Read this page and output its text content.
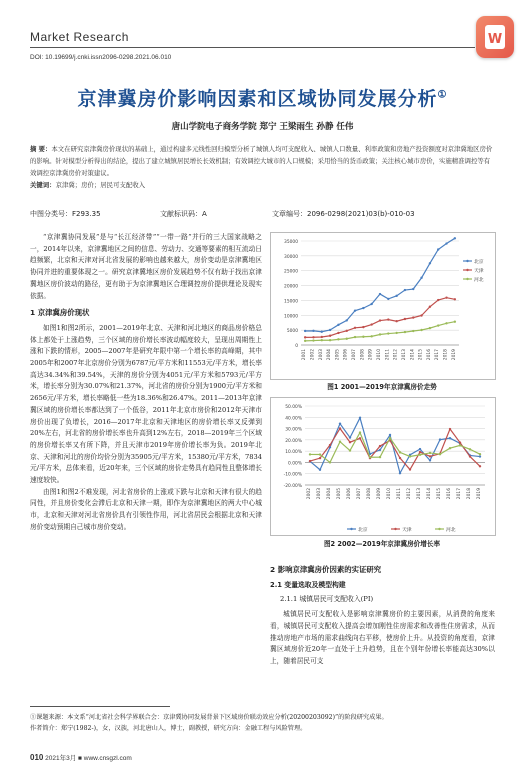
Market Research
DOI: 10.19699/j.cnki.issn2096-0298.2021.06.010
W
京津冀房价影响因素和区域协同发展分析①
唐山学院电子商务学院 郑宁 王梁雨生 孙静 任伟
摘 要：本文在研究京津冀房价现状的基础上，通过构建多元线性回归模型分析了城镇人均可支配收入、城镇人口数量、利率政策和房地产投资额度对京津冀地区房价的影响。针对模型分析得出的结论，提出了建立城镇居民增长长效机制；有效调控大城市的人口规模；采用恰当的货币政策；关注核心城市房价，实施精准调控等有效调控京津冀房价对策建议。
关键词：京津冀；房价；居民可支配收入
中图分类号：F293.35	文献标识码：A	文章编号：2096-0298(2021)03(b)-010-03

“京津冀协同发展”是与“长江经济带”“一带一路”并行的三大国家战略之一，2014年以来，京津冀地区之间的信息、劳动力、交通等要素的相互流动日趋频繁，北京和天津对河北省发展的影响也越来越大，房价变动是京津冀地区协同并进的重要体现之一。研究京津冀地区房价发展趋势不仅有助于找出京津冀地区房价波动的路径，更有助于为京津冀地区合理调控房价提供理论及现实依据。

1 京津冀房价现状

如图1和图2所示，2001—2019年北京、天津和河北地区的商品房价格总体上都处于上涨趋势，三个区域的房价增长率波动幅度较大，呈现出周期性上涨和下跌的情形，2005—2007年是研究年限中第一个增长率的高峰期，其中2005年和2007年北京房价分别为6787元/平方米和11553元/平方米，增长率高达34.34%和39.54%，天津的房价分别为4051元/平方米和5793元/平方米，增长率分别为30.07%和21.37%，河北省的房价分别为1900元/平方米和2656元/平方米，增长率略低一些为18.36%和26.47%。2011—2013年京津冀区域的房价增长率都达到了一个低谷，2011年北京市房价和2012年天津市房价出现了负增长，2016—2017年北京和天津地区的房价增长率又反弹到20%左右，河北省的房价增长率也升高到12%左右，2018—2019年三个区域的房价增长率又有所下降，并且天津市2019年房价增长率为负。2019年北京、天津和河北的房价均价分别为35905元/平方米，15380元/平方米，7834元/平方米，总体来看，近20年来，三个区域的房价走势具有趋同性且整体增长速度较快。

由图1和图2不难发现，河北省房价的上涨或下跌与北京和天津有很大的趋同性，并且房价变化会滞后北京和天津一期，即作为京津冀地区的两大中心城市，北京和天津对河北省房价具有引领性作用，河北省居民会根据北京和天津房价变动预期自己城市房价变动。

0
5000
10000
15000
20000
25000
30000
35000
2001 2002 2003 2004 2005 2006 2007 2008 2009 2010 2011 2012 2013 2014 2015 2016 2017 2018 2019
北京
天津
河北
图1 2001—2019年京津冀房价走势
50.00%
40.00%
30.00%
20.00%
10.00%
0.00%
-10.00%
-20.00%
2002 2003 2004 2005 2006 2007 2008 2009 2010 2011 2012 2013 2014 2015 2016 2017 2018 2019
北京	天津	河北
图2 2002—2019年京津冀房价增长率
2 影响京津冀房价因素的实证研究
2.1 变量选取及模型构建
2.1.1 城镇居民可支配收入(PI)

城镇居民可支配收入是影响京津冀房价的主要因素，从消费的角度来看，城镇居民可支配收入提高会增加刚性住房需求和改善性住房需求，从而推动房地产市场的需求曲线向右平移，使房价上升。从投资的角度看，京津冀区域房价近20年一直处于上升趋势，且在个别年份增长率能高达30%以上，随着居民可支

①课题来源：本文系“河北省社会科学界联合会：京津冀协同发展背景下区域房价联动效应分析(20200203092)”的阶段研究成果。
作者简介：郑宁(1982-)，女，汉族，河北唐山人，博士，副教授，研究方向：金融工程与风险管理。
010 2021年3月 ■ www.cnsgzl.com
